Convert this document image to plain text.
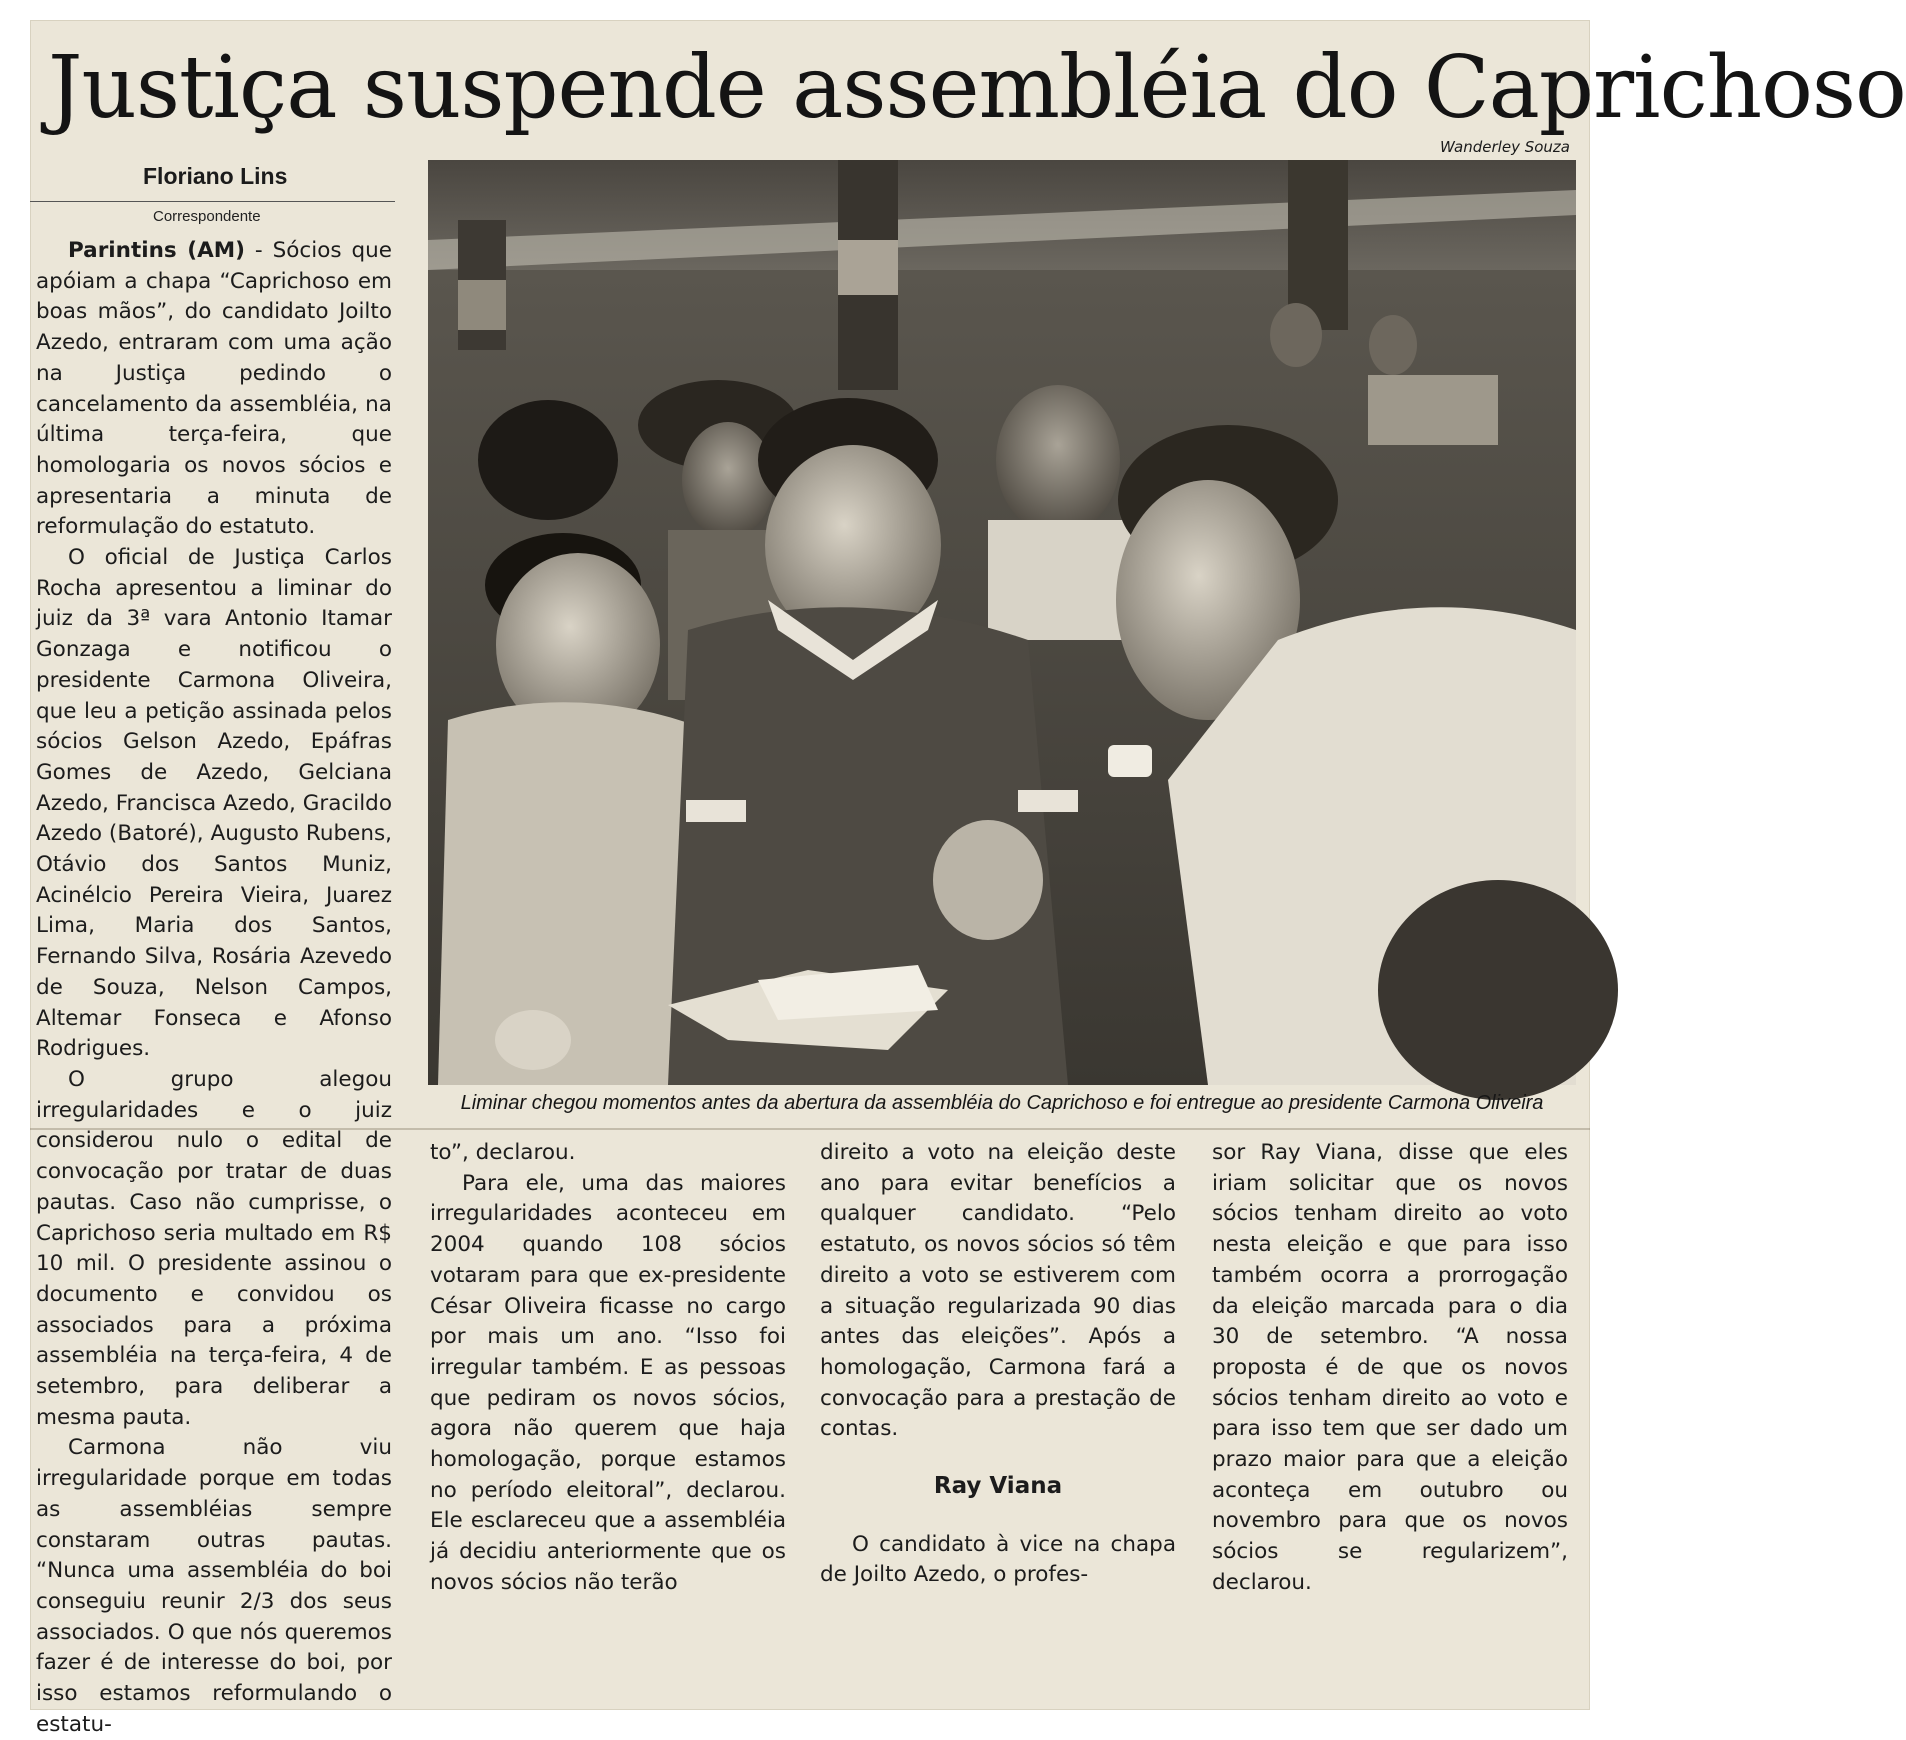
Justiça suspende assembléia do Caprichoso
Wanderley Souza
Floriano Lins
Correspondente

Parintins (AM) - Sócios que apóiam a chapa “Caprichoso em boas mãos”, do candidato Joilto Azedo, entraram com uma ação na Justiça pedindo o cancelamento da assembléia, na última terça-feira, que homologaria os novos sócios e apresentaria a minuta de reformulação do estatuto.

O oficial de Justiça Carlos Rocha apresentou a liminar do juiz da 3ª vara Antonio Itamar Gonzaga e notificou o presidente Carmona Oliveira, que leu a petição assinada pelos sócios Gelson Azedo, Epáfras Gomes de Azedo, Gelciana Azedo, Francisca Azedo, Gracildo Azedo (Batoré), Augusto Rubens, Otávio dos Santos Muniz, Acinélcio Pereira Vieira, Juarez Lima, Maria dos Santos, Fernando Silva, Rosária Azevedo de Souza, Nelson Campos, Altemar Fonseca e Afonso Rodrigues.

O grupo alegou irregularidades e o juiz considerou nulo o edital de convocação por tratar de duas pautas. Caso não cumprisse, o Caprichoso seria multado em R$ 10 mil. O presidente assinou o documento e convidou os associados para a próxima assembléia na terça-feira, 4 de setembro, para deliberar a mesma pauta.

Carmona não viu irregularidade porque em todas as assembléias sempre constaram outras pautas. “Nunca uma assembléia do boi conseguiu reunir 2/3 dos seus associados. O que nós queremos fazer é de interesse do boi, por isso estamos reformulando o estatu-

Liminar chegou momentos antes da abertura da assembléia do Caprichoso e foi entregue ao presidente Carmona Oliveira

to”, declarou.

Para ele, uma das maiores irregularidades aconteceu em 2004 quando 108 sócios votaram para que ex-presidente César Oliveira ficasse no cargo por mais um ano. “Isso foi irregular também. E as pessoas que pediram os novos sócios, agora não querem que haja homologação, porque estamos no período eleitoral”, declarou. Ele esclareceu que a assembléia já decidiu anteriormente que os novos sócios não terão

direito a voto na eleição deste ano para evitar benefícios a qualquer candidato. “Pelo estatuto, os novos sócios só têm direito a voto se estiverem com a situação regularizada 90 dias antes das eleições”. Após a homologação, Carmona fará a convocação para a prestação de contas.

Ray Viana

O candidato à vice na chapa de Joilto Azedo, o profes-

sor Ray Viana, disse que eles iriam solicitar que os novos sócios tenham direito ao voto nesta eleição e que para isso também ocorra a prorrogação da eleição marcada para o dia 30 de setembro. “A nossa proposta é de que os novos sócios tenham direito ao voto e para isso tem que ser dado um prazo maior para que a eleição aconteça em outubro ou novembro para que os novos sócios se regularizem”, declarou.
